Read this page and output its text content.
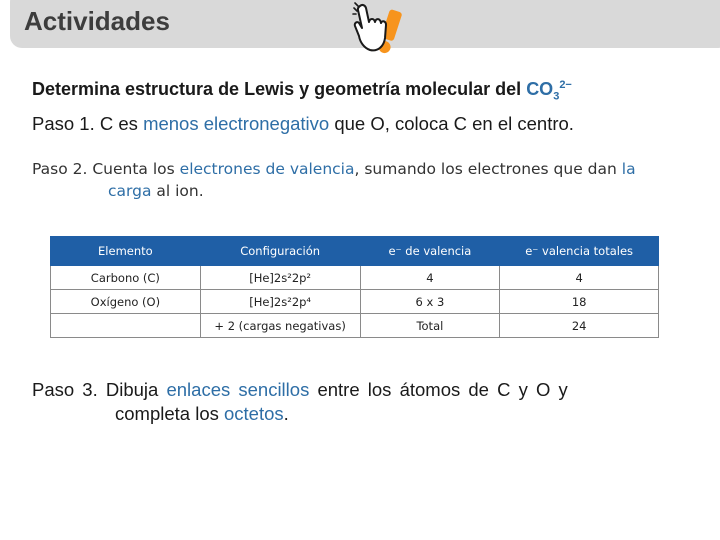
Actividades
Determina estructura de Lewis y geometría molecular del $CO_3^{2-}$
Paso 1. C es menos electronegativo que O, coloca C en el centro.
Paso 2. Cuenta los electrones de valencia, sumando los electrones que dan la
carga al ion.
Elemento	Configuración	e⁻ de valencia	e⁻ valencia totales
Carbono (C)	[He]2s²2p²	4	4
Oxígeno (O)	[He]2s²2p⁴	6 x 3	18
	+ 2 (cargas negativas)	Total	24
Paso 3. Dibuja enlaces sencillos entre los átomos de C y O y
completa los octetos.
